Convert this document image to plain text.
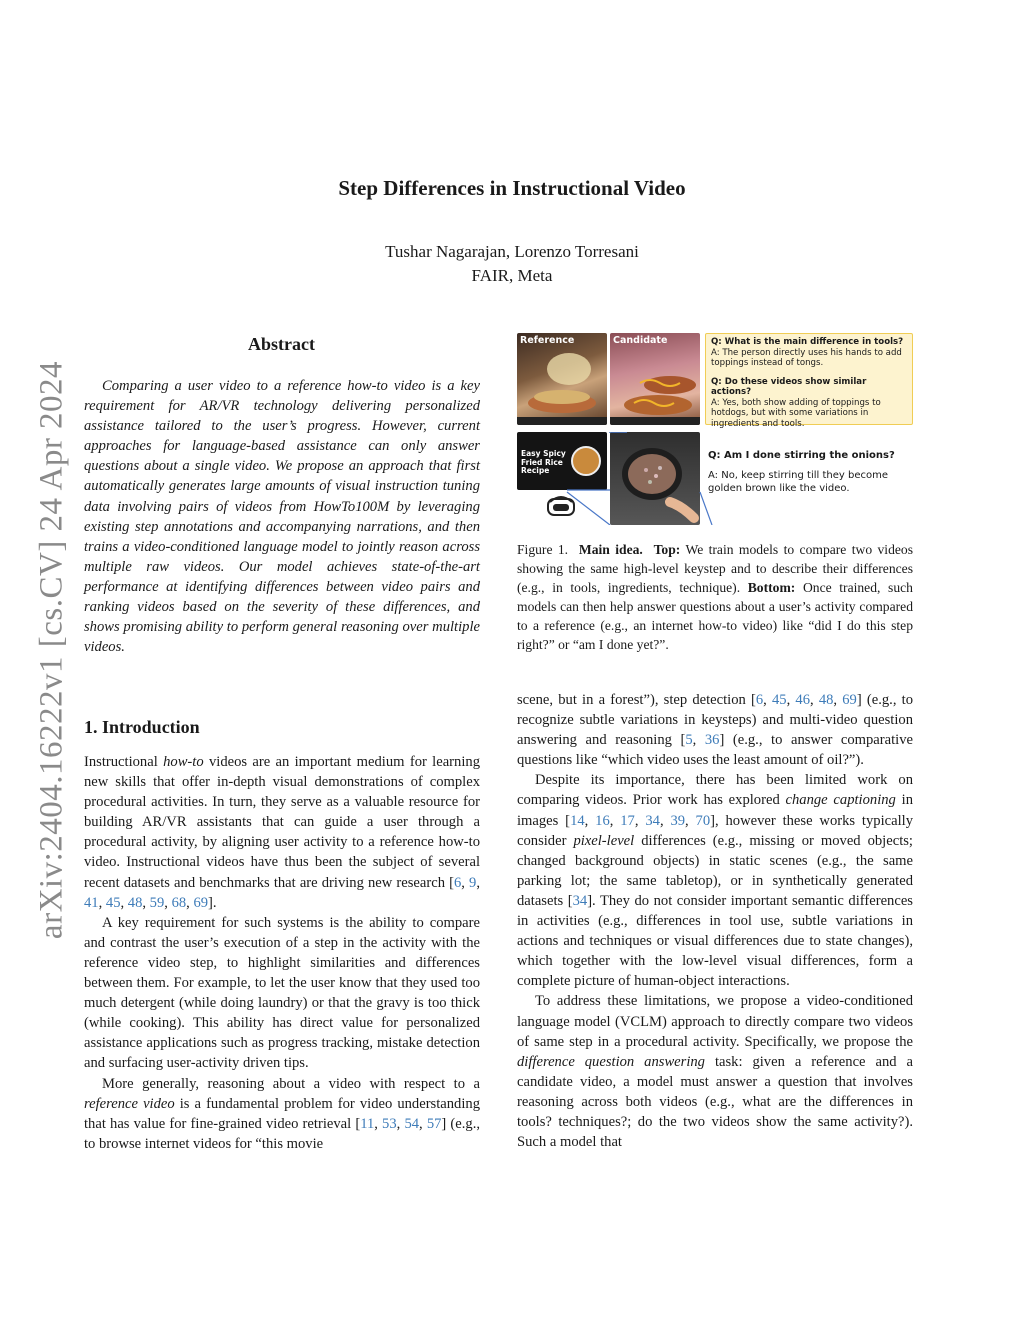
arXiv:2404.16222v1 [cs.CV] 24 Apr 2024
Step Differences in Instructional Video
Tushar Nagarajan, Lorenzo Torresani
FAIR, Meta
Abstract

Comparing a user video to a reference how-to video is a key requirement for AR/VR technology delivering personalized assistance tailored to the user’s progress. However, current approaches for language-based assistance can only answer questions about a single video. We propose an approach that first automatically generates large amounts of visual instruction tuning data involving pairs of videos from HowTo100M by leveraging existing step annotations and accompanying narrations, and then trains a video-conditioned language model to jointly reason across multiple raw videos. Our model achieves state-of-the-art performance at identifying differences between video pairs and ranking videos based on the severity of these differences, and shows promising ability to perform general reasoning over multiple videos.

Reference	Candidate	Q: What is the main difference in tools?
A: The person directly uses his hands to add toppings instead of tongs.
Q: Do these videos show similar actions?
A: Yes, both show adding of toppings to hotdogs, but with some variations in ingredients and tools.
Easy Spicy Fried Rice Recipe
Q: Am I done stirring the onions?
A: No, keep stirring till they become golden brown like the video.
Figure 1. Main idea. Top: We train models to compare two videos showing the same high-level keystep and to describe their differences (e.g., in tools, ingredients, technique). Bottom: Once trained, such models can then help answer questions about a user’s activity compared to a reference (e.g., an internet how-to video) like “did I do this step right?” or “am I done yet?”.
1. Introduction

Instructional how-to videos are an important medium for learning new skills that offer in-depth visual demonstrations of complex procedural activities. In turn, they serve as a valuable resource for building AR/VR assistants that can guide a user through a procedural activity, by aligning user activity to a reference how-to video. Instructional videos have thus been the subject of several recent datasets and benchmarks that are driving new research [6, 9, 41, 45, 48, 59, 68, 69].

A key requirement for such systems is the ability to compare and contrast the user’s execution of a step in the activity with the reference video step, to highlight similarities and differences between them. For example, to let the user know that they used too much detergent (while doing laundry) or that the gravy is too thick (while cooking). This ability has direct value for personalized assistance applications such as progress tracking, mistake detection and surfacing user-activity driven tips.

More generally, reasoning about a video with respect to a reference video is a fundamental problem for video understanding that has value for fine-grained video retrieval [11, 53, 54, 57] (e.g., to browse internet videos for “this movie

scene, but in a forest”), step detection [6, 45, 46, 48, 69] (e.g., to recognize subtle variations in keysteps) and multi-video question answering and reasoning [5, 36] (e.g., to answer comparative questions like “which video uses the least amount of oil?”).

Despite its importance, there has been limited work on comparing videos. Prior work has explored change captioning in images [14, 16, 17, 34, 39, 70], however these works typically consider pixel-level differences (e.g., missing or moved objects; changed background objects) in static scenes (e.g., the same parking lot; the same tabletop), or in synthetically generated datasets [34]. They do not consider important semantic differences in activities (e.g., differences in tool use, subtle variations in actions and techniques or visual differences due to state changes), which together with the low-level visual differences, form a complete picture of human-object interactions.

To address these limitations, we propose a video-conditioned language model (VCLM) approach to directly compare two videos of same step in a procedural activity. Specifically, we propose the difference question answering task: given a reference and a candidate video, a model must answer a question that involves reasoning across both videos (e.g., what are the differences in tools? techniques?; do the two videos show the same activity?). Such a model that
